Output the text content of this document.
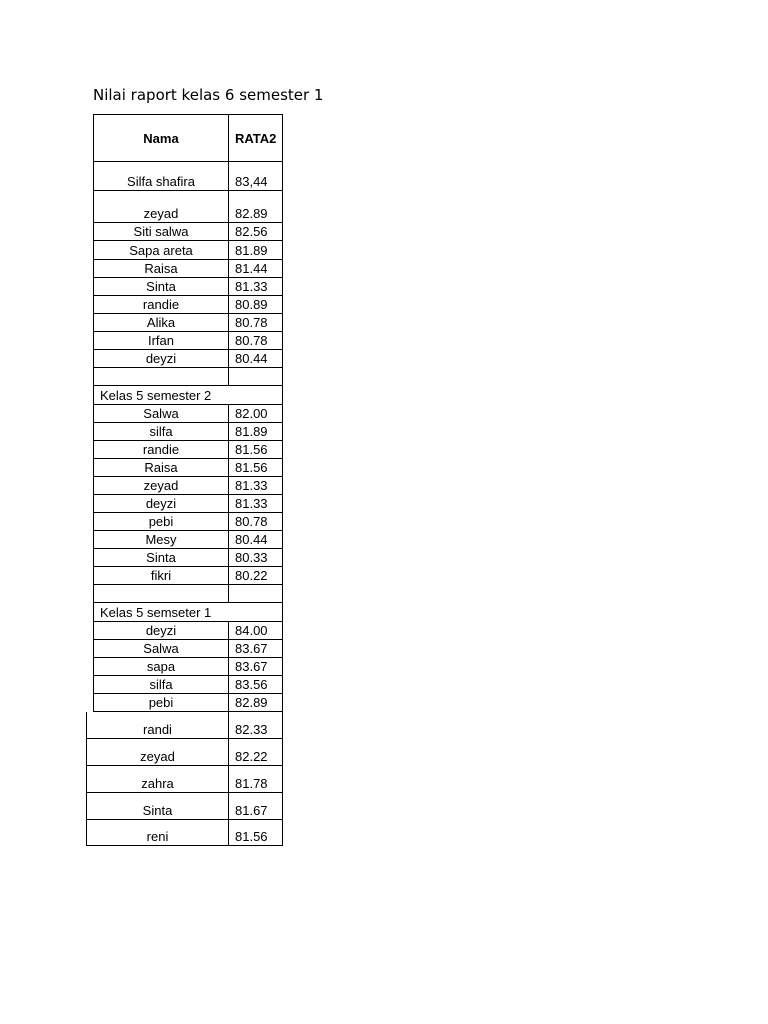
Nilai raport kelas 6 semester 1
Nama	RATA2
Silfa shafira	83,44
zeyad	82.89
Siti salwa	82.56
Sapa areta	81.89
Raisa	81.44
Sinta	81.33
randie	80.89
Alika	80.78
Irfan	80.78
deyzi	80.44
Kelas 5 semester 2
Salwa	82.00
silfa	81.89
randie	81.56
Raisa	81.56
zeyad	81.33
deyzi	81.33
pebi	80.78
Mesy	80.44
Sinta	80.33
fikri	80.22
Kelas 5 semseter 1
deyzi	84.00
Salwa	83.67
sapa	83.67
silfa	83.56
pebi	82.89
randi	82.33
zeyad	82.22
zahra	81.78
Sinta	81.67
reni	81.56
